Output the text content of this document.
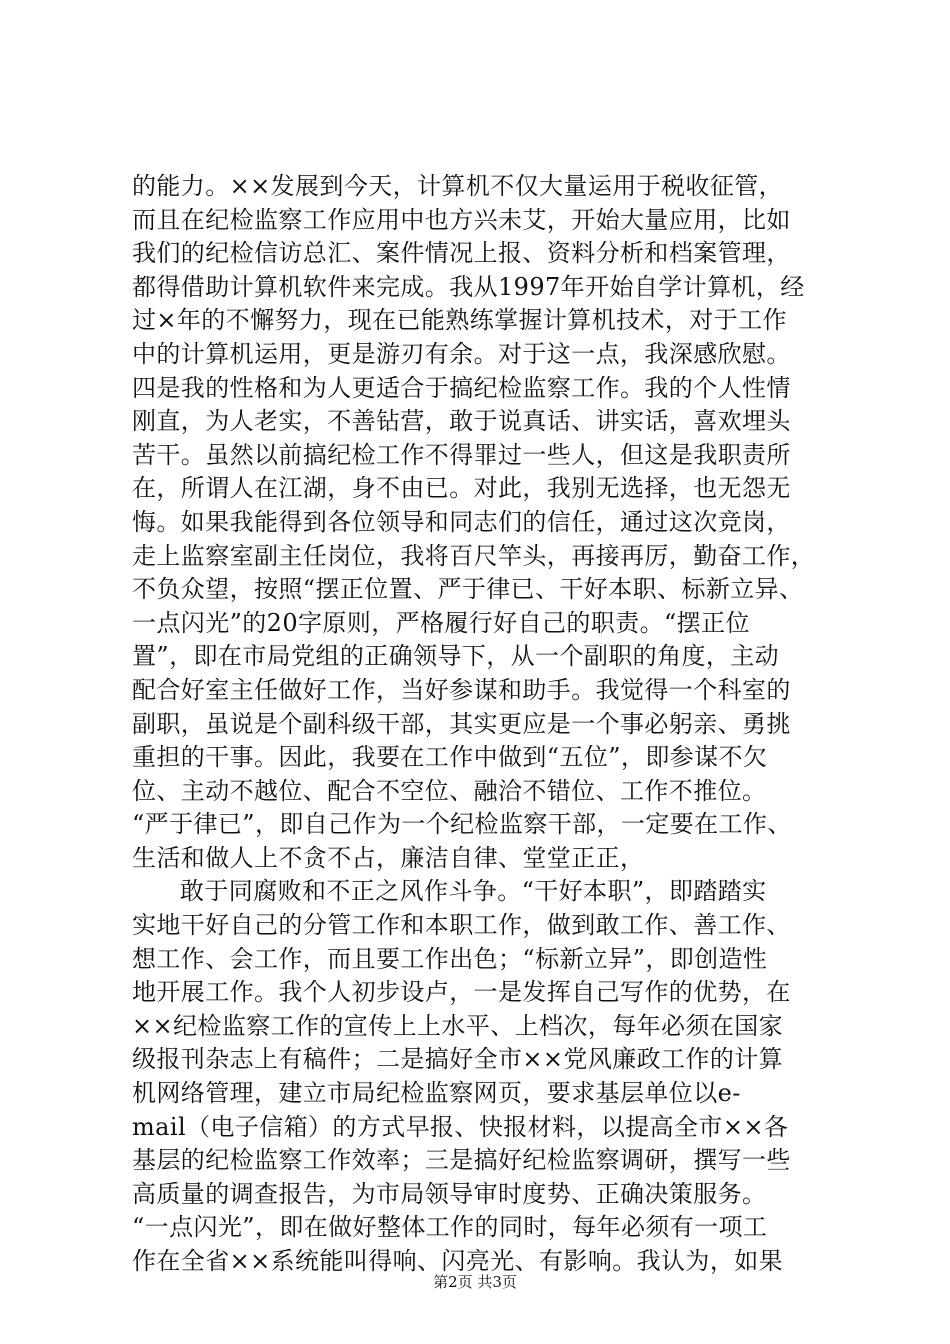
的能力。××发展到今天，计算机不仅大量运用于税收征管，
而且在纪检监察工作应用中也方兴未艾，开始大量应用，比如
我们的纪检信访总汇、案件情况上报、资料分析和档案管理，
都得借助计算机软件来完成。我从1997年开始自学计算机，经
过×年的不懈努力，现在已能熟练掌握计算机技术，对于工作
中的计算机运用，更是游刃有余。对于这一点，我深感欣慰。
四是我的性格和为人更适合于搞纪检监察工作。我的个人性情
刚直，为人老实，不善钻营，敢于说真话、讲实话，喜欢埋头
苦干。虽然以前搞纪检工作不得罪过一些人，但这是我职责所
在，所谓人在江湖，身不由已。对此，我别无选择，也无怨无
悔。如果我能得到各位领导和同志们的信任，通过这次竞岗，
走上监察室副主任岗位，我将百尺竿头，再接再厉，勤奋工作，
不负众望，按照“摆正位置、严于律已、干好本职、标新立异、
一点闪光”的20字原则，严格履行好自己的职责。“摆正位
置”，即在市局党组的正确领导下，从一个副职的角度，主动
配合好室主任做好工作，当好参谋和助手。我觉得一个科室的
副职，虽说是个副科级干部，其实更应是一个事必躬亲、勇挑
重担的干事。因此，我要在工作中做到“五位”，即参谋不欠
位、主动不越位、配合不空位、融洽不错位、工作不推位。
“严于律已”，即自己作为一个纪检监察干部，一定要在工作、
生活和做人上不贪不占，廉洁自律、堂堂正正，
敢于同腐败和不正之风作斗争。“干好本职”，即踏踏实
实地干好自己的分管工作和本职工作，做到敢工作、善工作、
想工作、会工作，而且要工作出色；“标新立异”，即创造性
地开展工作。我个人初步设卢，一是发挥自己写作的优势，在
××纪检监察工作的宣传上上水平、上档次，每年必须在国家
级报刊杂志上有稿件；二是搞好全市××党风廉政工作的计算
机网络管理，建立市局纪检监察网页，要求基层单位以e-
mail（电子信箱）的方式早报、快报材料，以提高全市××各
基层的纪检监察工作效率；三是搞好纪检监察调研，撰写一些
高质量的调查报告，为市局领导审时度势、正确决策服务。
“一点闪光”，即在做好整体工作的同时，每年必须有一项工
作在全省××系统能叫得响、闪亮光、有影响。我认为，如果
第2页 共3页
